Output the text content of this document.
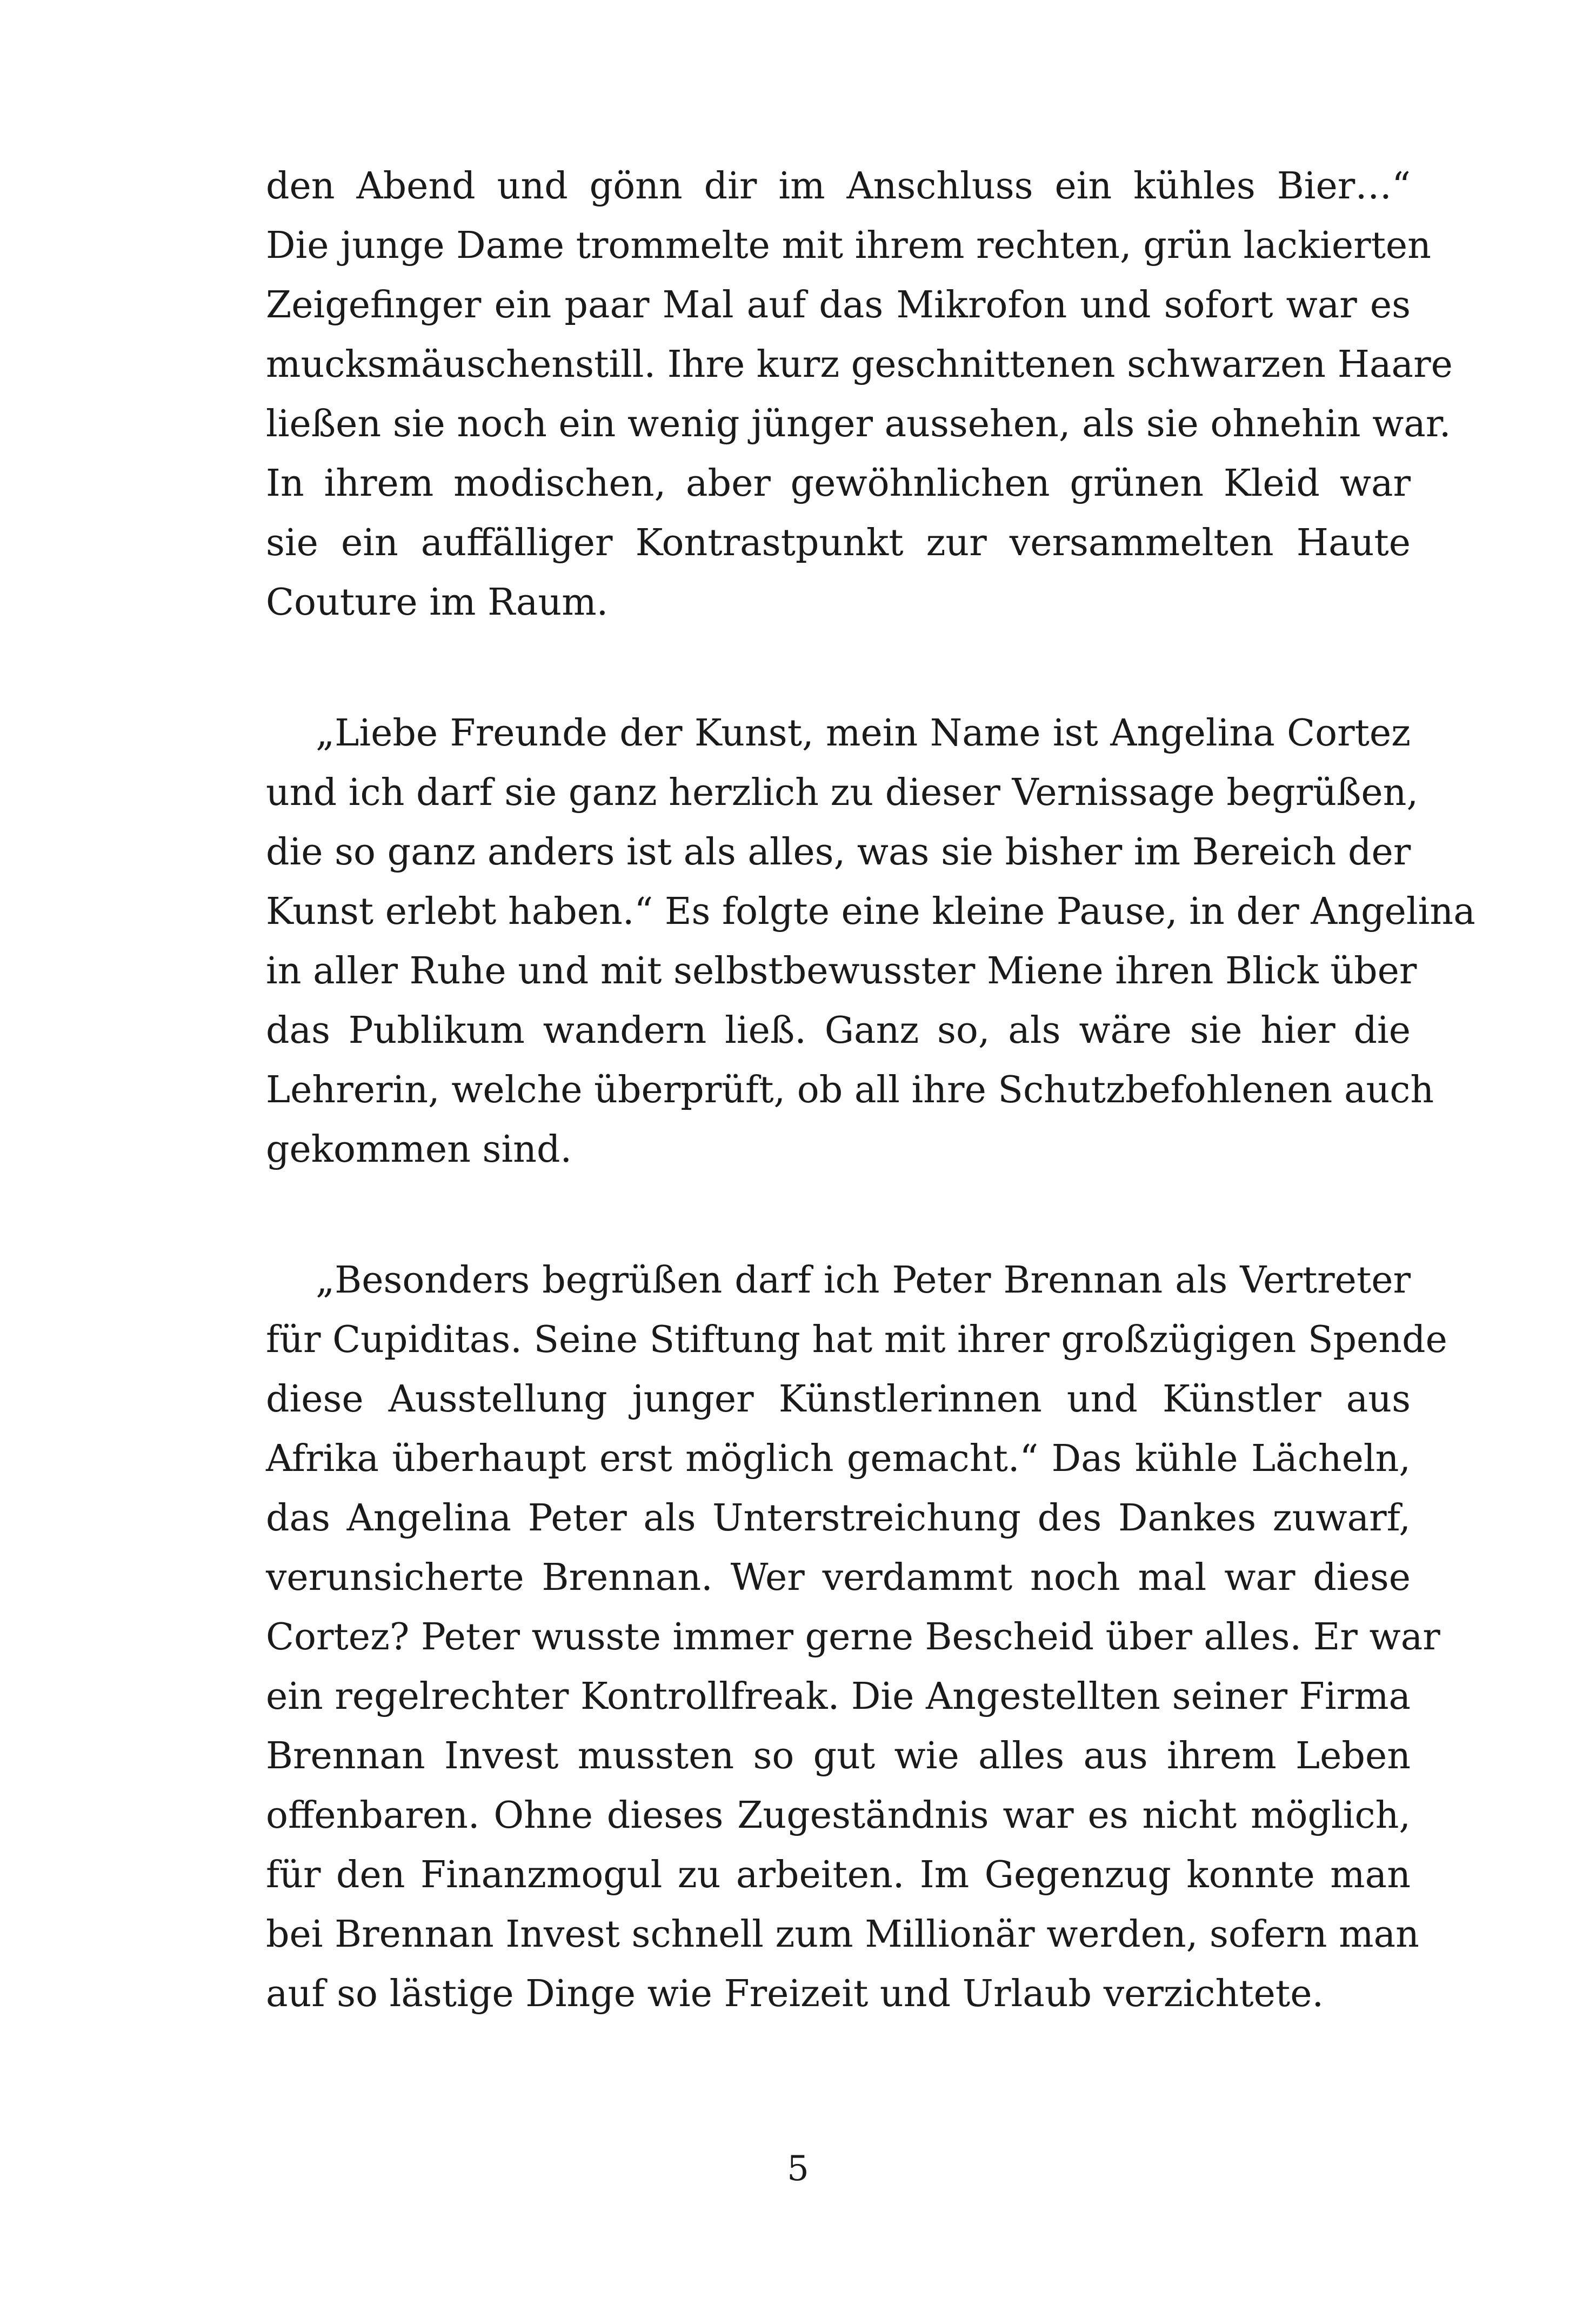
den Abend und gönn dir im Anschluss ein kühles Bier…“
Die junge Dame trommelte mit ihrem rechten, grün lackierten
Zeigefinger ein paar Mal auf das Mikrofon und sofort war es
mucksmäuschenstill. Ihre kurz geschnittenen schwarzen Haare
ließen sie noch ein wenig jünger aussehen, als sie ohnehin war.
In ihrem modischen, aber gewöhnlichen grünen Kleid war
sie ein auffälliger Kontrastpunkt zur versammelten Haute
Couture im Raum.
„Liebe Freunde der Kunst, mein Name ist Angelina Cortez
und ich darf sie ganz herzlich zu dieser Vernissage begrüßen,
die so ganz anders ist als alles, was sie bisher im Bereich der
Kunst erlebt haben.“ Es folgte eine kleine Pause, in der Angelina
in aller Ruhe und mit selbstbewusster Miene ihren Blick über
das Publikum wandern ließ. Ganz so, als wäre sie hier die
Lehrerin, welche überprüft, ob all ihre Schutzbefohlenen auch
gekommen sind.
„Besonders begrüßen darf ich Peter Brennan als Vertreter
für Cupiditas. Seine Stiftung hat mit ihrer großzügigen Spende
diese Ausstellung junger Künstlerinnen und Künstler aus
Afrika überhaupt erst möglich gemacht.“ Das kühle Lächeln,
das Angelina Peter als Unterstreichung des Dankes zuwarf,
verunsicherte Brennan. Wer verdammt noch mal war diese
Cortez? Peter wusste immer gerne Bescheid über alles. Er war
ein regelrechter Kontrollfreak. Die Angestellten seiner Firma
Brennan Invest mussten so gut wie alles aus ihrem Leben
offenbaren. Ohne dieses Zugeständnis war es nicht möglich,
für den Finanzmogul zu arbeiten. Im Gegenzug konnte man
bei Brennan Invest schnell zum Millionär werden, sofern man
auf so lästige Dinge wie Freizeit und Urlaub verzichtete.
5
